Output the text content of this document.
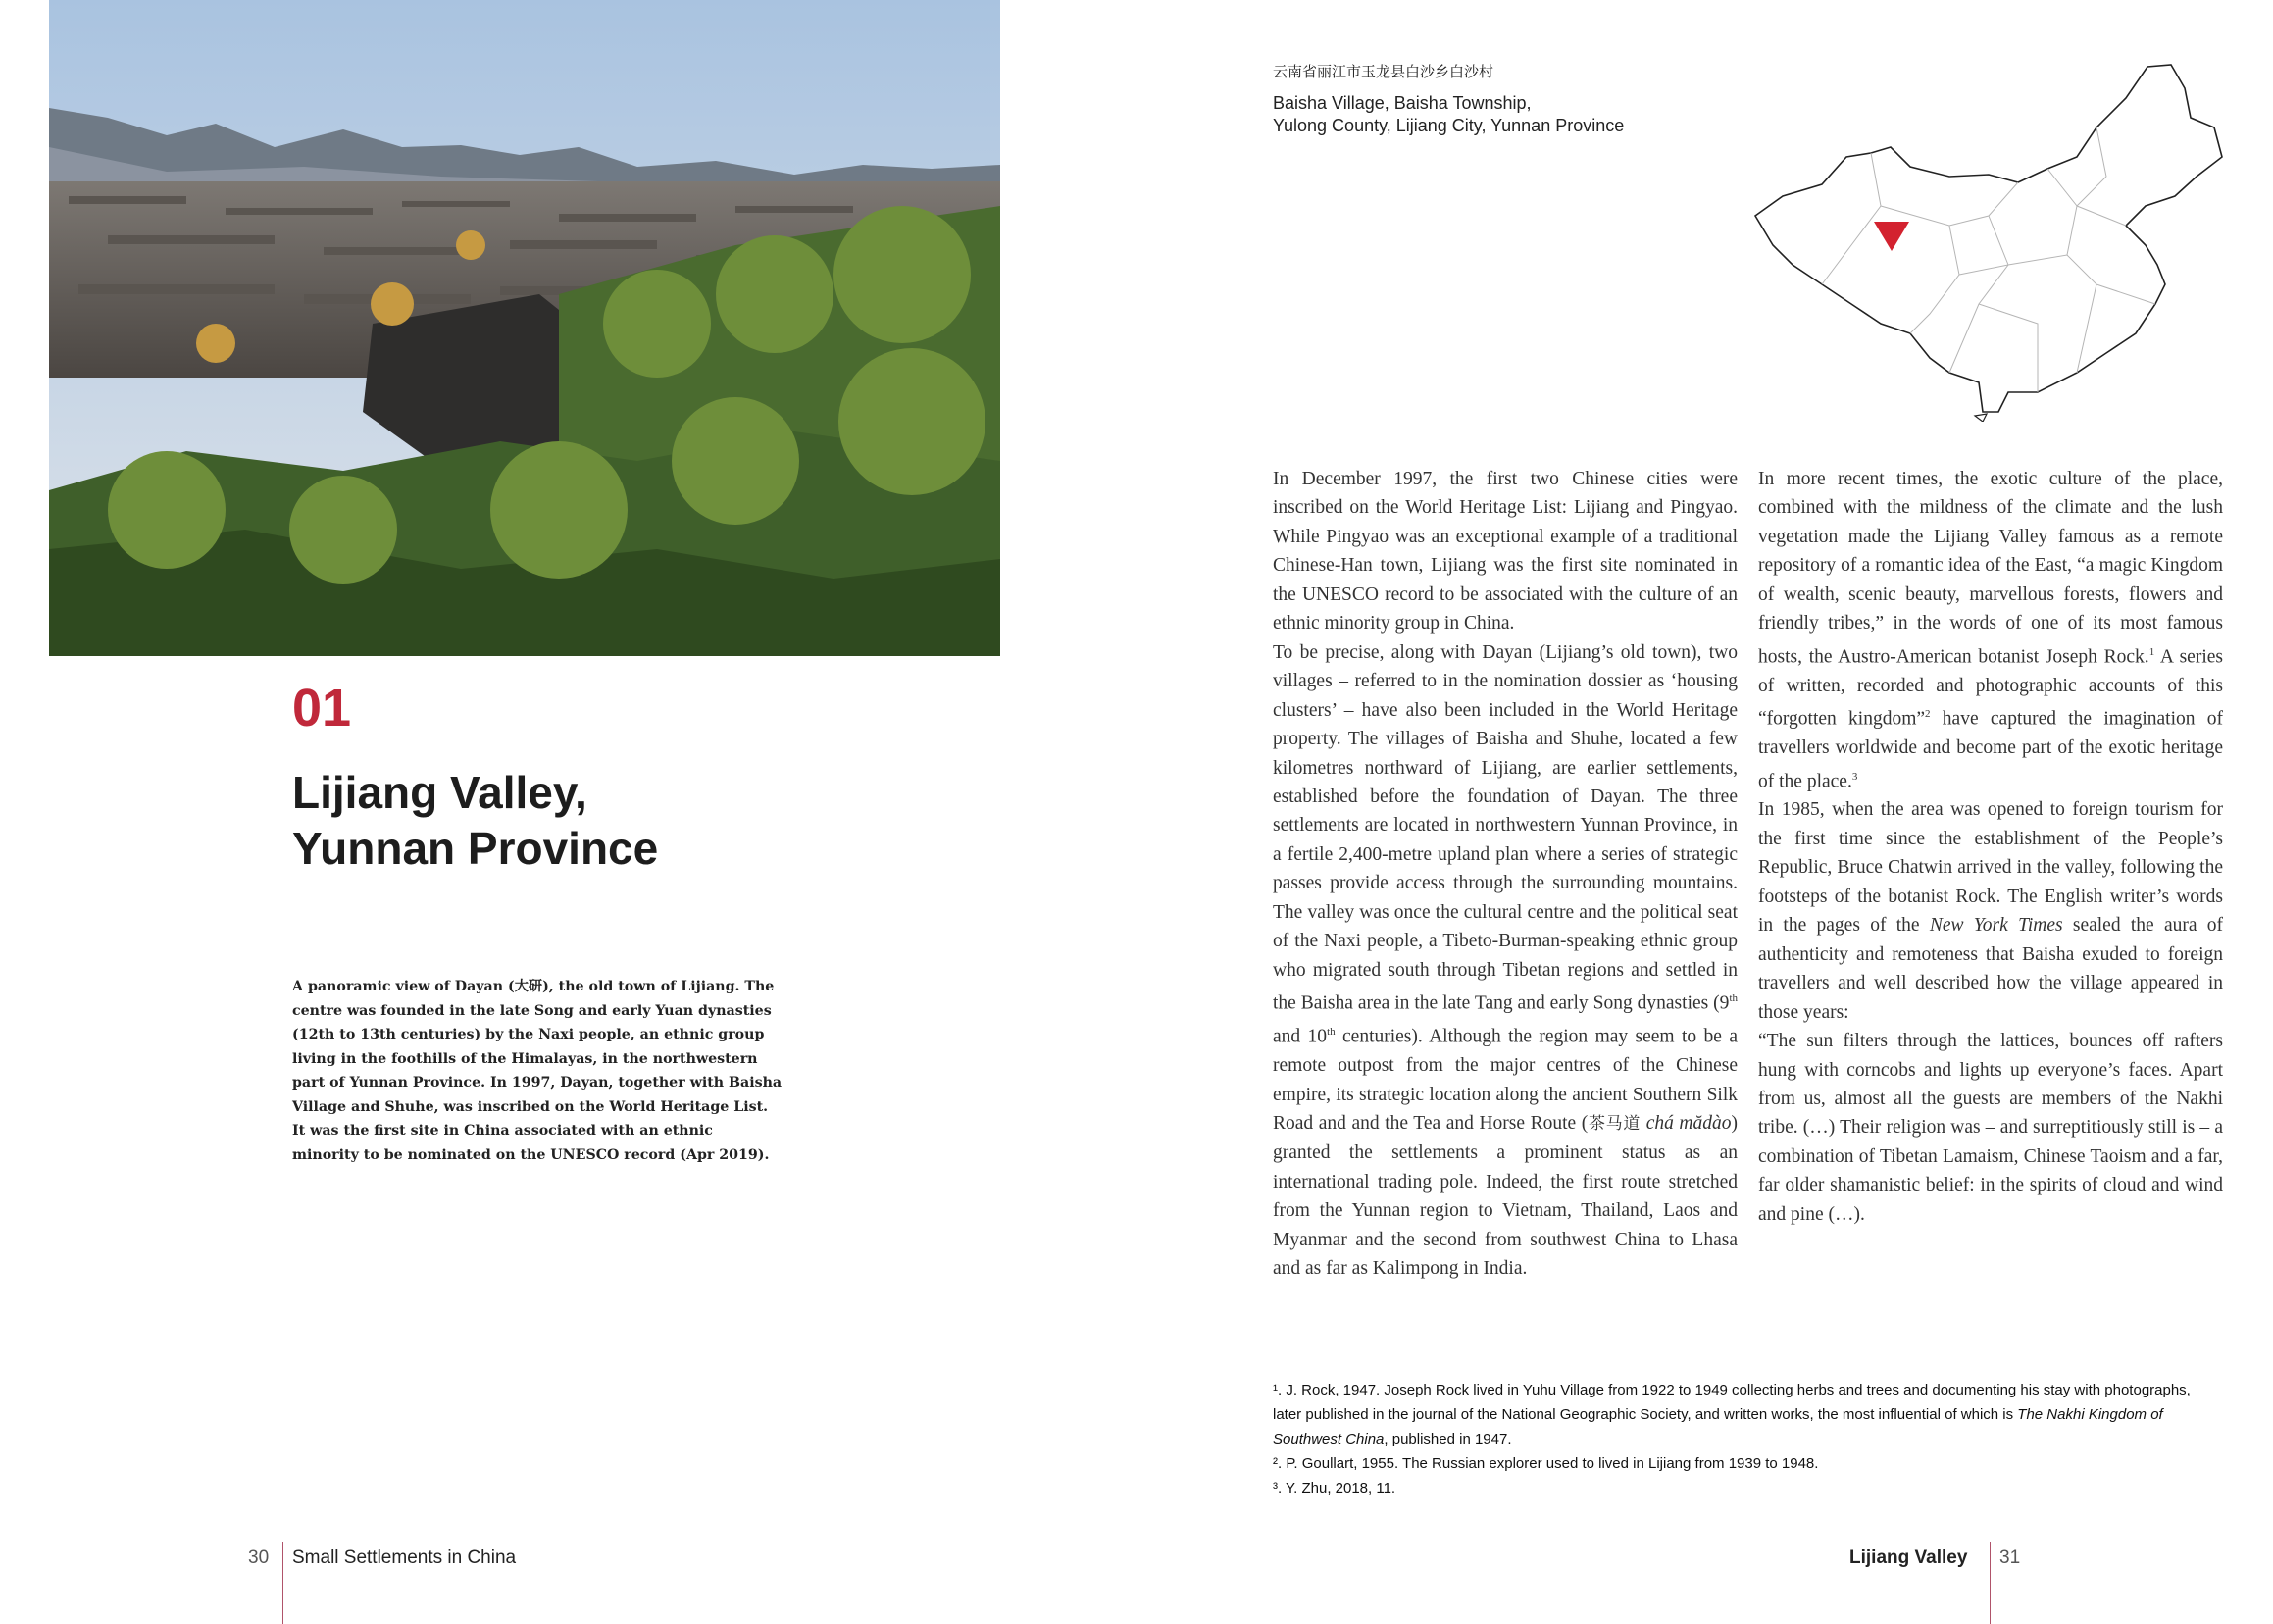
01
Lijiang Valley,
Yunnan Province
A panoramic view of Dayan (大研), the old town of Lijiang. The centre was founded in the late Song and early Yuan dynasties (12th to 13th centuries) by the Naxi people, an ethnic group living in the foothills of the Himalayas, in the northwestern part of Yunnan Province. In 1997, Dayan, together with Baisha Village and Shuhe, was inscribed on the World Heritage List. It was the first site in China associated with an ethnic minority to be nominated on the UNESCO record (Apr 2019).
30 Small Settlements in China
云南省丽江市玉龙县白沙乡白沙村
Baisha Village, Baisha Township,
Yulong County, Lijiang City, Yunnan Province

In December 1997, the first two Chinese cities were inscribed on the World Heritage List: Lijiang and Pingyao. While Pingyao was an exceptional example of a traditional Chinese-Han town, Lijiang was the first site nominated in the UNESCO record to be associated with the culture of an ethnic minority group in China.

To be precise, along with Dayan (Lijiang’s old town), two villages – referred to in the nomination dossier as ‘housing clusters’ – have also been included in the World Heritage property. The villages of Baisha and Shuhe, located a few kilometres northward of Lijiang, are earlier settlements, established before the foundation of Dayan. The three settlements are located in northwestern Yunnan Province, in a fertile 2,400-metre upland plan where a series of strategic passes provide access through the surrounding mountains. The valley was once the cultural centre and the political seat of the Naxi people, a Tibeto-Burman-speaking ethnic group who migrated south through Tibetan regions and settled in the Baisha area in the late Tang and early Song dynasties (9th and 10th centuries). Although the region may seem to be a remote outpost from the major centres of the Chinese empire, its strategic location along the ancient Southern Silk Road and and the Tea and Horse Route (茶马道 chá mădào) granted the settlements a prominent status as an international trading pole. Indeed, the first route stretched from the Yunnan region to Vietnam, Thailand, Laos and Myanmar and the second from southwest China to Lhasa and as far as Kalimpong in India.

In more recent times, the exotic culture of the place, combined with the mildness of the climate and the lush vegetation made the Lijiang Valley famous as a remote repository of a romantic idea of the East, “a magic Kingdom of wealth, scenic beauty, marvellous forests, flowers and friendly tribes,” in the words of one of its most famous hosts, the Austro-American botanist Joseph Rock.$^1$ A series of written, recorded and photographic accounts of this “forgotten kingdom”$^2$ have captured the imagination of travellers worldwide and become part of the exotic heritage of the place.$^3$

In 1985, when the area was opened to foreign tourism for the first time since the establishment of the People’s Republic, Bruce Chatwin arrived in the valley, following the footsteps of the botanist Rock. The English writer’s words in the pages of the New York Times sealed the aura of authenticity and remoteness that Baisha exuded to foreign travellers and well described how the village appeared in those years:

“The sun filters through the lattices, bounces off rafters hung with corncobs and lights up everyone’s faces. Apart from us, almost all the guests are members of the Nakhi tribe. (…) Their religion was – and surreptitiously still is – a combination of Tibetan Lamaism, Chinese Taoism and a far, far older shamanistic belief: in the spirits of cloud and wind and pine (…).

¹. J. Rock, 1947. Joseph Rock lived in Yuhu Village from 1922 to 1949 collecting herbs and trees and documenting his stay with photographs, later published in the journal of the National Geographic Society, and written works, the most influential of which is The Nakhi Kingdom of Southwest China, published in 1947.

². P. Goullart, 1955. The Russian explorer used to lived in Lijiang from 1939 to 1948.

³. Y. Zhu, 2018, 11.

Lijiang Valley 31
